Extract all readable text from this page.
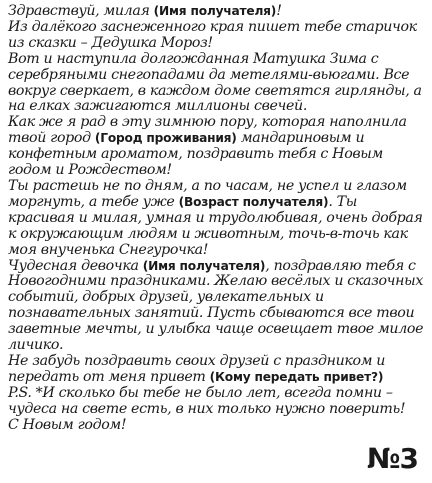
Здравствуй, милая (Имя получателя)!

Из далёкого заснеженного края пишет тебе старичок из сказки – Дедушка Мороз!

Вот и наступила долгожданная Матушка Зима с серебряными снегопадами да метелями-вьюгами. Все вокруг сверкает, в каждом доме светятся гирлянды, а на елках зажигаются миллионы свечей.

Как же я рад в эту зимнюю пору, которая наполнила твой город (Город проживания) мандариновым и конфетным ароматом, поздравить тебя с Новым годом и Рождеством!

Ты растешь не по дням, а по часам, не успел и глазом моргнуть, а тебе уже (Возраст получателя). Ты красивая и милая, умная и трудолюбивая, очень добрая к окружающим людям и животным, точь-в-точь как моя внученька Снегурочка!

Чудесная девочка (Имя получателя), поздравляю тебя с Новогодними праздниками. Желаю весёлых и сказочных событий, добрых друзей, увлекательных и познавательных занятий. Пусть сбываются все твои заветные мечты, и улыбка чаще освещает твое милое личико.

Не забудь поздравить своих друзей с праздником и передать от меня привет (Кому передать привет?)

P.S. *И сколько бы тебе не было лет, всегда помни – чудеса на свете есть, в них только нужно поверить!

С Новым годом!

№3
